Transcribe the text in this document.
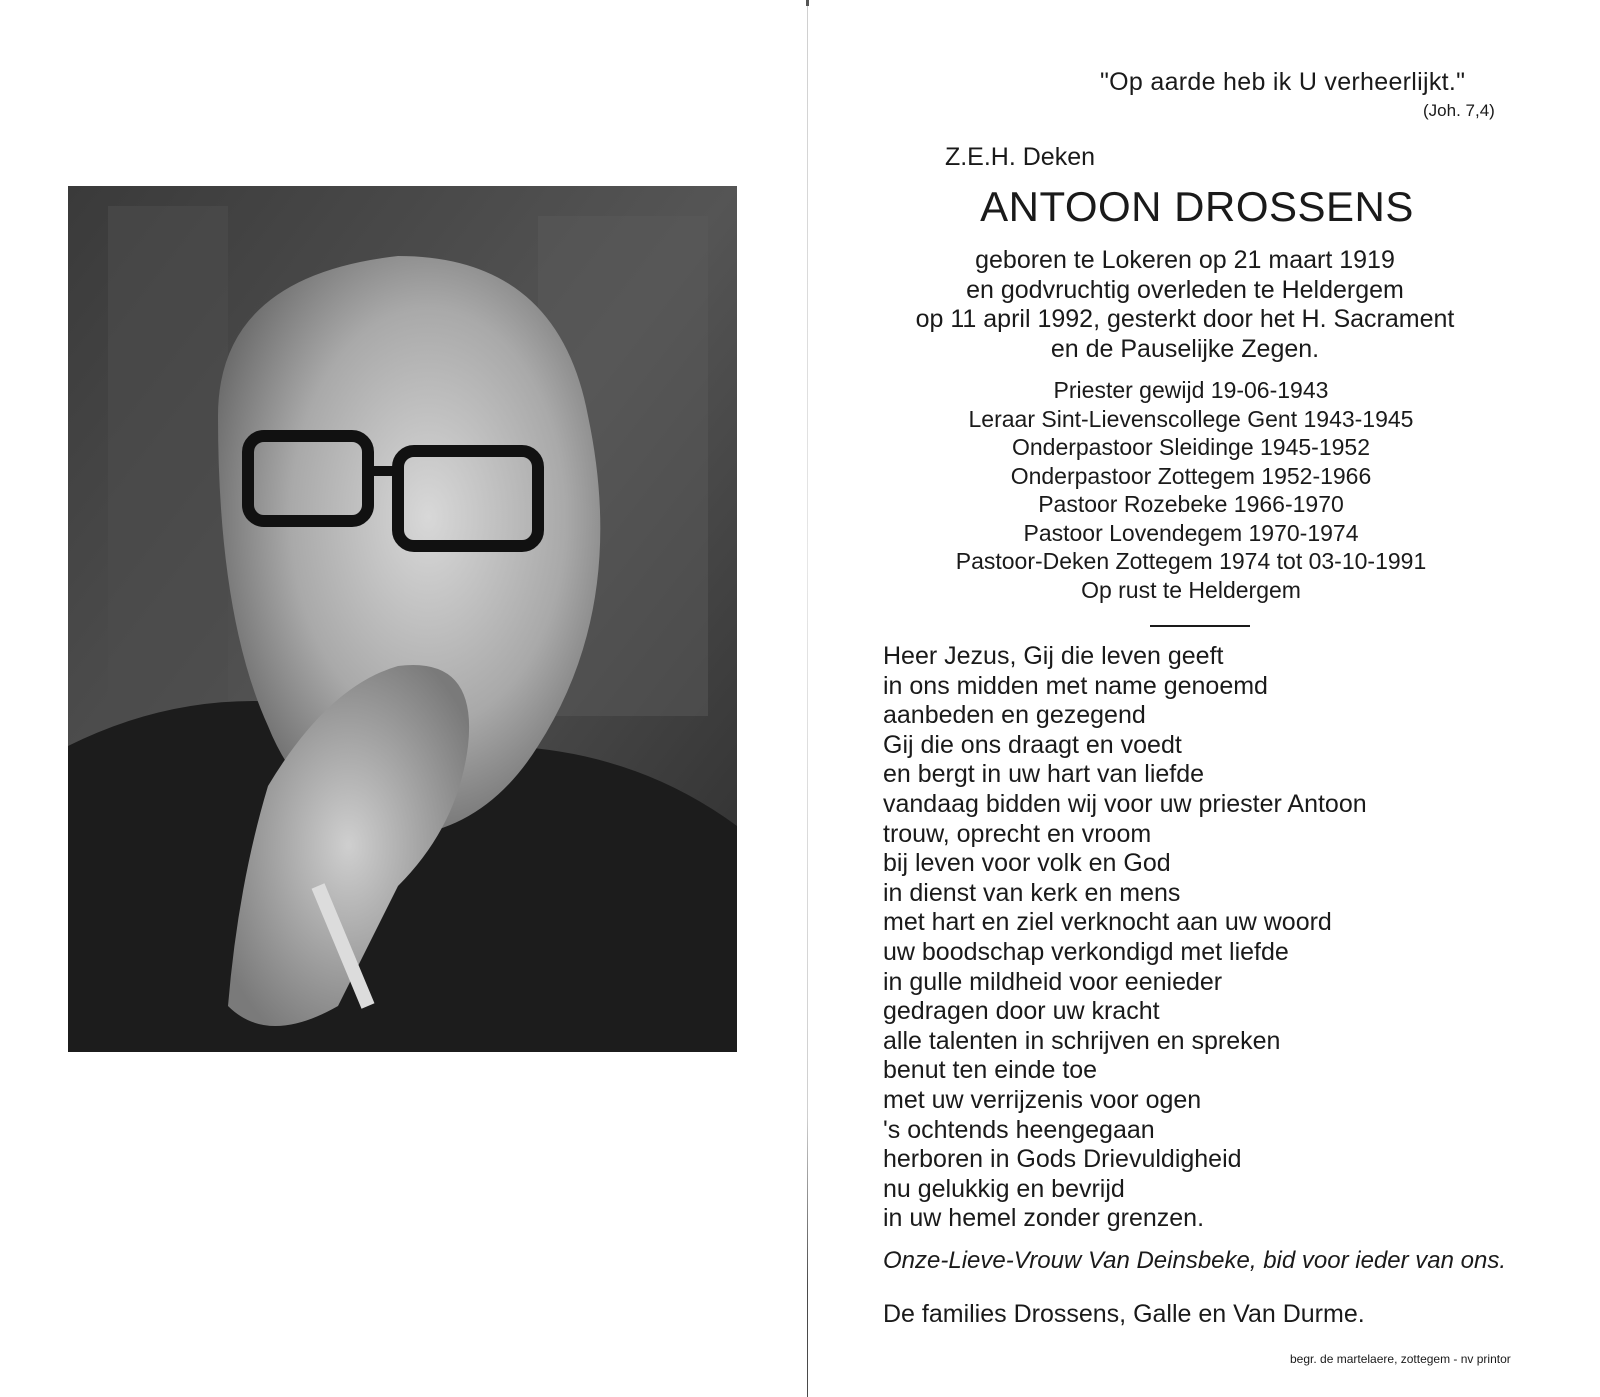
"Op aarde heb ik U verheerlijkt."
(Joh. 7,4)
Z.E.H. Deken
ANTOON DROSSENS
geboren te Lokeren op 21 maart 1919
en godvruchtig overleden te Heldergem
op 11 april 1992, gesterkt door het H. Sacrament
en de Pauselijke Zegen.
Priester gewijd 19-06-1943
Leraar Sint-Lievenscollege Gent 1943-1945
Onderpastoor Sleidinge 1945-1952
Onderpastoor Zottegem 1952-1966
Pastoor Rozebeke 1966-1970
Pastoor Lovendegem 1970-1974
Pastoor-Deken Zottegem 1974 tot 03-10-1991
Op rust te Heldergem
Heer Jezus, Gij die leven geeft
in ons midden met name genoemd
aanbeden en gezegend
Gij die ons draagt en voedt
en bergt in uw hart van liefde
vandaag bidden wij voor uw priester Antoon
trouw, oprecht en vroom
bij leven voor volk en God
in dienst van kerk en mens
met hart en ziel verknocht aan uw woord
uw boodschap verkondigd met liefde
in gulle mildheid voor eenieder
gedragen door uw kracht
alle talenten in schrijven en spreken
benut ten einde toe
met uw verrijzenis voor ogen
's ochtends heengegaan
herboren in Gods Drievuldigheid
nu gelukkig en bevrijd
in uw hemel zonder grenzen.
Onze-Lieve-Vrouw Van Deinsbeke, bid voor ieder van ons.
De families Drossens, Galle en Van Durme.
begr. de martelaere, zottegem - nv printor
